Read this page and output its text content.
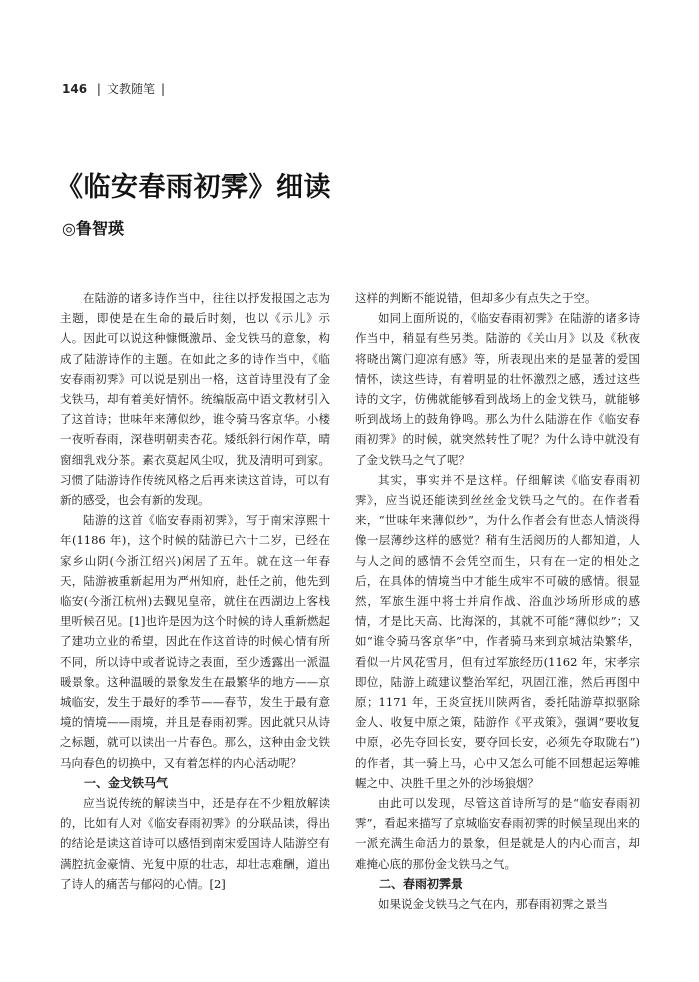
146 | 文教随笔 |
《临安春雨初霁》细读
◎鲁智瑛

在陆游的诸多诗作当中，往往以抒发报国之志为主题，即使是在生命的最后时刻，也以《示儿》示人。因此可以说这种慷慨激昂、金戈铁马的意象，构成了陆游诗作的主题。在如此之多的诗作当中，《临安春雨初霁》可以说是别出一格，这首诗里没有了金戈铁马，却有着美好情怀。统编版高中语文教材引入了这首诗；世味年来薄似纱，谁令骑马客京华。小楼一夜听春雨，深巷明朝卖杏花。矮纸斜行闲作草，晴窗细乳戏分茶。素衣莫起风尘叹，犹及清明可到家。习惯了陆游诗作传统风格之后再来读这首诗，可以有新的感受，也会有新的发现。

陆游的这首《临安春雨初霁》，写于南宋淳熙十年(1186 年)，这个时候的陆游已六十二岁，已经在家乡山阴(今浙江绍兴)闲居了五年。就在这一年春天，陆游被重新起用为严州知府，赴任之前，他先到临安(今浙江杭州)去觐见皇帝，就住在西湖边上客栈里听候召见。[1]也许是因为这个时候的诗人重新燃起了建功立业的希望，因此在作这首诗的时候心情有所不同，所以诗中或者说诗之表面，至少透露出一派温暖景象。这种温暖的景象发生在最繁华的地方——京城临安，发生于最好的季节——春节，发生于最有意境的情境——雨境，并且是春雨初霁。因此就只从诗之标题，就可以读出一片春色。那么，这种由金戈铁马向春色的切换中，又有着怎样的内心活动呢？

一、金戈铁马气

应当说传统的解读当中，还是存在不少粗放解读的，比如有人对《临安春雨初霁》的分联品读，得出的结论是读这首诗可以感悟到南宋爱国诗人陆游空有满腔抗金豪情、光复中原的壮志，却壮志难酬，道出了诗人的痛苦与郁闷的心情。[2]

这样的判断不能说错，但却多少有点失之于空。

如同上面所说的，《临安春雨初霁》在陆游的诸多诗作当中，稍显有些另类。陆游的《关山月》以及《秋夜将晓出篱门迎凉有感》等，所表现出来的是显著的爱国情怀，读这些诗，有着明显的壮怀激烈之感，透过这些诗的文字，仿佛就能够看到战场上的金戈铁马，就能够听到战场上的鼓角铮鸣。那么为什么陆游在作《临安春雨初霁》的时候，就突然转性了呢？为什么诗中就没有了金戈铁马之气了呢？

其实，事实并不是这样。仔细解读《临安春雨初霁》，应当说还能读到丝丝金戈铁马之气的。在作者看来，“世味年来薄似纱”，为什么作者会有世态人情淡得像一层薄纱这样的感觉？稍有生活阅历的人都知道，人与人之间的感情不会凭空而生，只有在一定的相处之后，在具体的情境当中才能生成牢不可破的感情。很显然，军旅生涯中将士并肩作战、浴血沙场所形成的感情，才是比天高、比海深的，其就不可能“薄似纱”；又如“谁令骑马客京华”中，作者骑马来到京城沽染繁华，看似一片风花雪月，但有过军旅经历(1162 年，宋孝宗即位，陆游上疏建议整治军纪，巩固江淮，然后再图中原；1171 年，王炎宣抚川陕两省，委托陆游草拟驱除金人、收复中原之策，陆游作《平戎策》，强调“要收复中原，必先夺回长安，要夺回长安，必须先夺取陇右”)的作者，其一骑上马，心中又怎么可能不回想起运筹帷幄之中、决胜千里之外的沙场狼烟？

由此可以发现，尽管这首诗所写的是“临安春雨初霁”，看起来描写了京城临安春雨初霁的时候呈现出来的一派充满生命活力的景象，但是就是人的内心而言，却难掩心底的那份金戈铁马之气。

二、春雨初霁景

如果说金戈铁马之气在内，那春雨初霁之景当
